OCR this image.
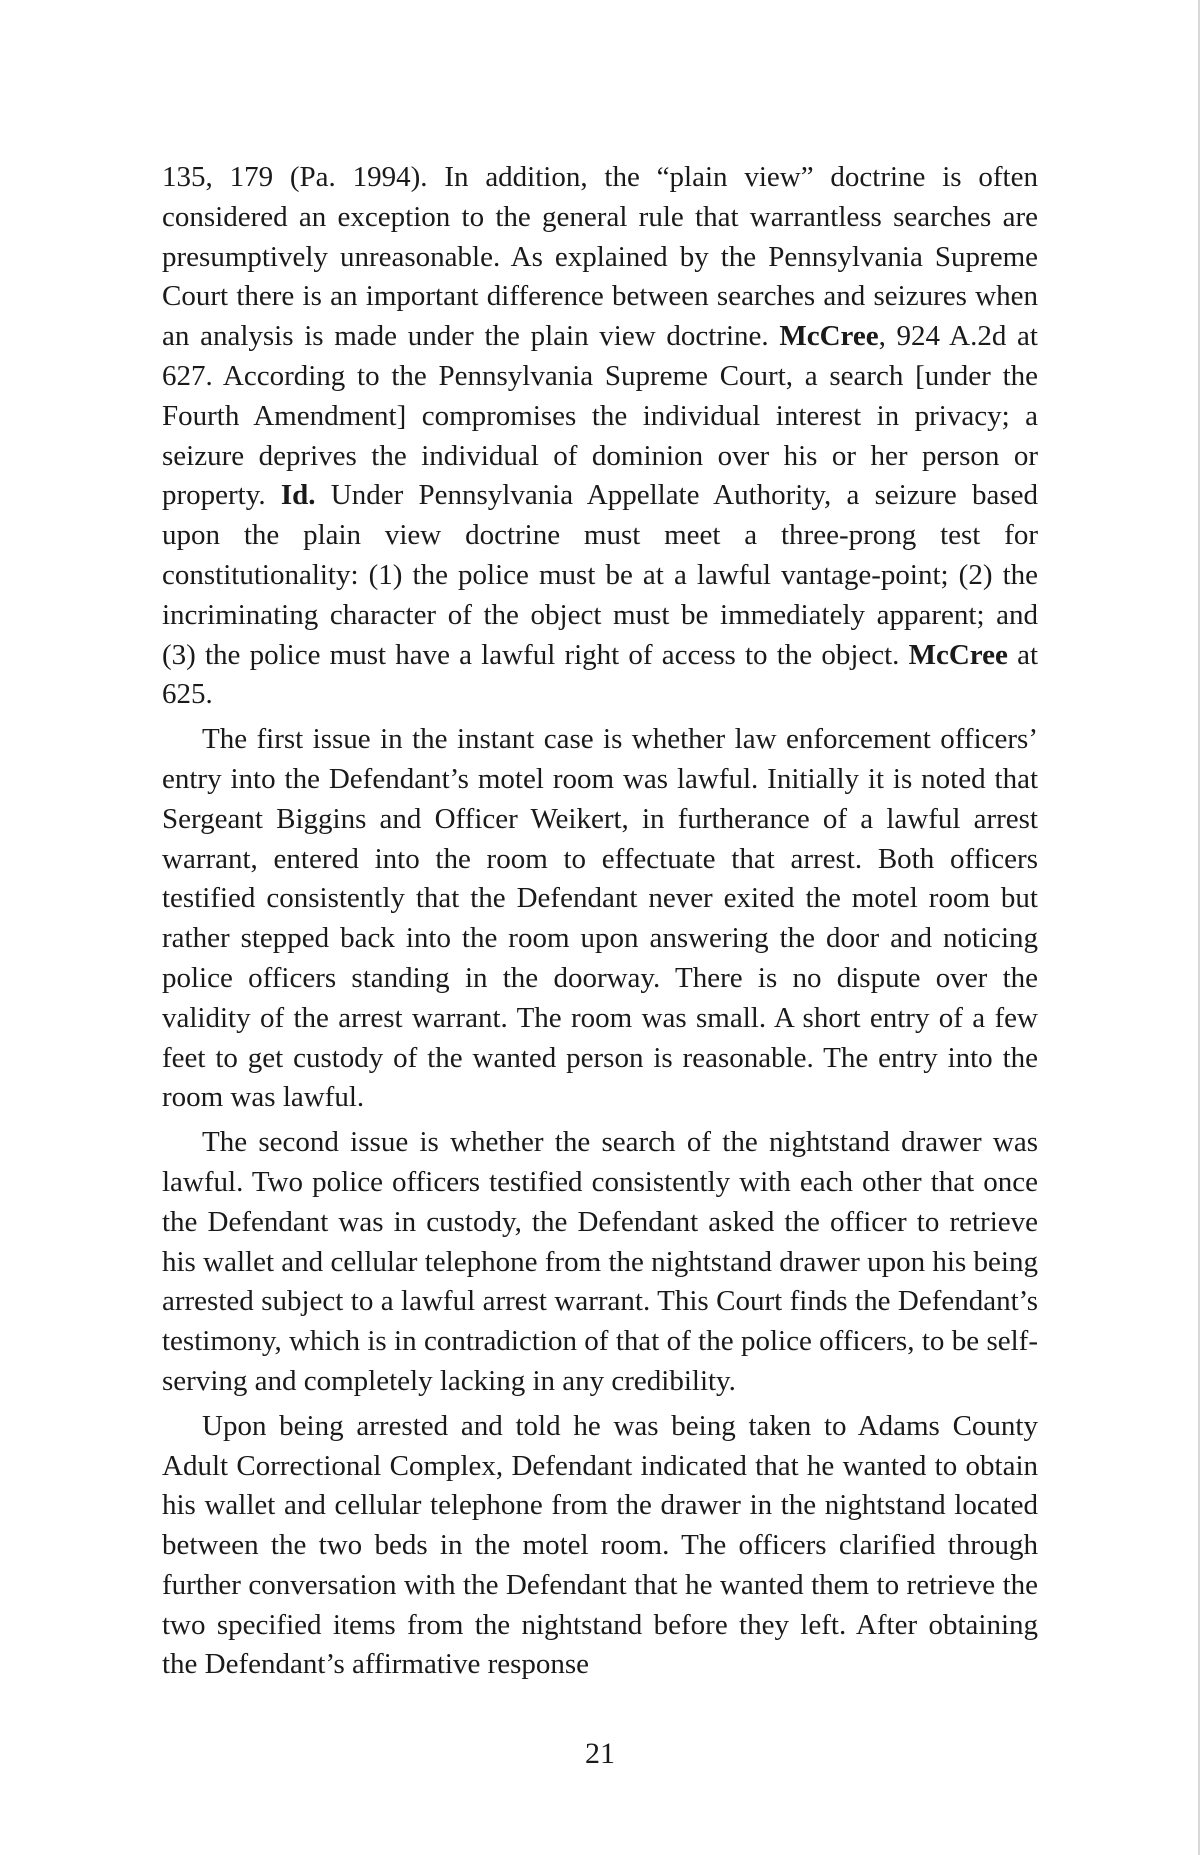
135, 179 (Pa. 1994). In addition, the “plain view” doctrine is often considered an exception to the general rule that warrantless searches are presumptively unreasonable. As explained by the Pennsylvania Supreme Court there is an important difference between searches and seizures when an analysis is made under the plain view doctrine. McCree, 924 A.2d at 627. According to the Pennsylvania Supreme Court, a search [under the Fourth Amendment] compromises the individual interest in privacy; a seizure deprives the individual of dominion over his or her person or property. Id. Under Pennsylvania Appellate Authority, a seizure based upon the plain view doctrine must meet a three-prong test for constitutionality: (1) the police must be at a lawful vantage-point; (2) the incriminating character of the object must be immediately apparent; and (3) the police must have a lawful right of access to the object. McCree at 625.

The first issue in the instant case is whether law enforcement officers’ entry into the Defendant’s motel room was lawful. Initially it is noted that Sergeant Biggins and Officer Weikert, in furtherance of a lawful arrest warrant, entered into the room to effectuate that arrest. Both officers testified consistently that the Defendant never exited the motel room but rather stepped back into the room upon answering the door and noticing police officers standing in the doorway. There is no dispute over the validity of the arrest warrant. The room was small. A short entry of a few feet to get custody of the wanted person is reasonable. The entry into the room was lawful.

The second issue is whether the search of the nightstand drawer was lawful. Two police officers testified consistently with each other that once the Defendant was in custody, the Defendant asked the officer to retrieve his wallet and cellular telephone from the nightstand drawer upon his being arrested subject to a lawful arrest warrant. This Court finds the Defendant’s testimony, which is in contradiction of that of the police officers, to be self-serving and completely lacking in any credibility.

Upon being arrested and told he was being taken to Adams County Adult Correctional Complex, Defendant indicated that he wanted to obtain his wallet and cellular telephone from the drawer in the nightstand located between the two beds in the motel room. The officers clarified through further conversation with the Defendant that he wanted them to retrieve the two specified items from the nightstand before they left. After obtaining the Defendant’s affirmative response

21
